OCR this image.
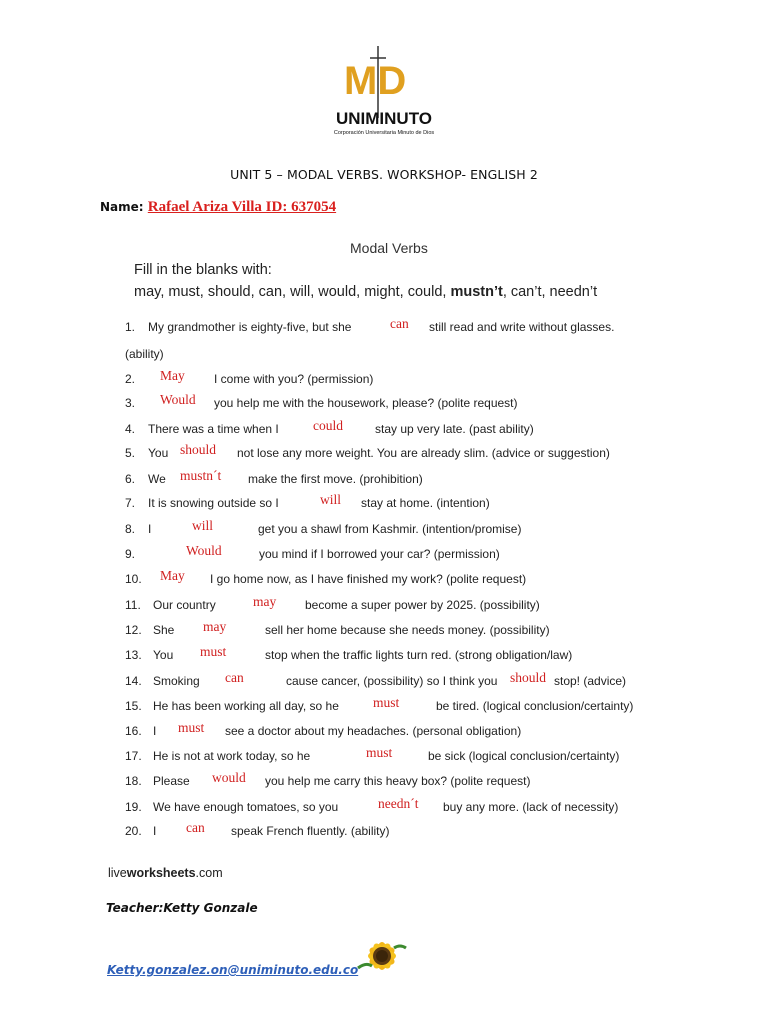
MD
UNIMINUTO
Corporación Universitaria Minuto de Dios
UNIT 5 – MODAL VERBS. WORKSHOP- ENGLISH 2
Name: Rafael Ariza Villa ID: 637054
Modal Verbs
Fill in the blanks with:
may, must, should, can, will, would, might, could, mustn’t, can’t, needn’t
1. My grandmother is eighty-five, but she	can still read and write without glasses.
2. May I come with you? (permission)
3. Would you help me with the housework, please? (polite request)
4. There was a time when I	could	stay up very late. (past ability)
5. You should not lose any more weight. You are already slim. (advice or suggestion)
6. We mustn´t make the first move. (prohibition)
7. It is snowing outside so I	will stay at home. (intention)
8. I	will	get you a shawl from Kashmir. (intention/promise)
9.	Would	you mind if I borrowed your car? (permission)
10. May I go home now, as I have finished my work? (polite request)
11. Our country	may become a super power by 2025. (possibility)
12. She may	sell her home because she needs money. (possibility)
13. You must	stop when the traffic lights turn red. (strong obligation/law)
14. Smoking can	cause cancer, (possibility) so I think you should stop! (advice)
15. He has been working all day, so he	must	be tired. (logical conclusion/certainty)
16. I must see a doctor about my headaches. (personal obligation)
17. He is not at work today, so he	must	be sick (logical conclusion/certainty)
18. Please would you help me carry this heavy box? (polite request)
19. We have enough tomatoes, so you	needn´t buy any more. (lack of necessity)
20. I can speak French fluently. (ability)
(ability)
liveworksheets.com
Teacher:Ketty Gonzale
Ketty.gonzalez.on@uniminuto.edu.co
